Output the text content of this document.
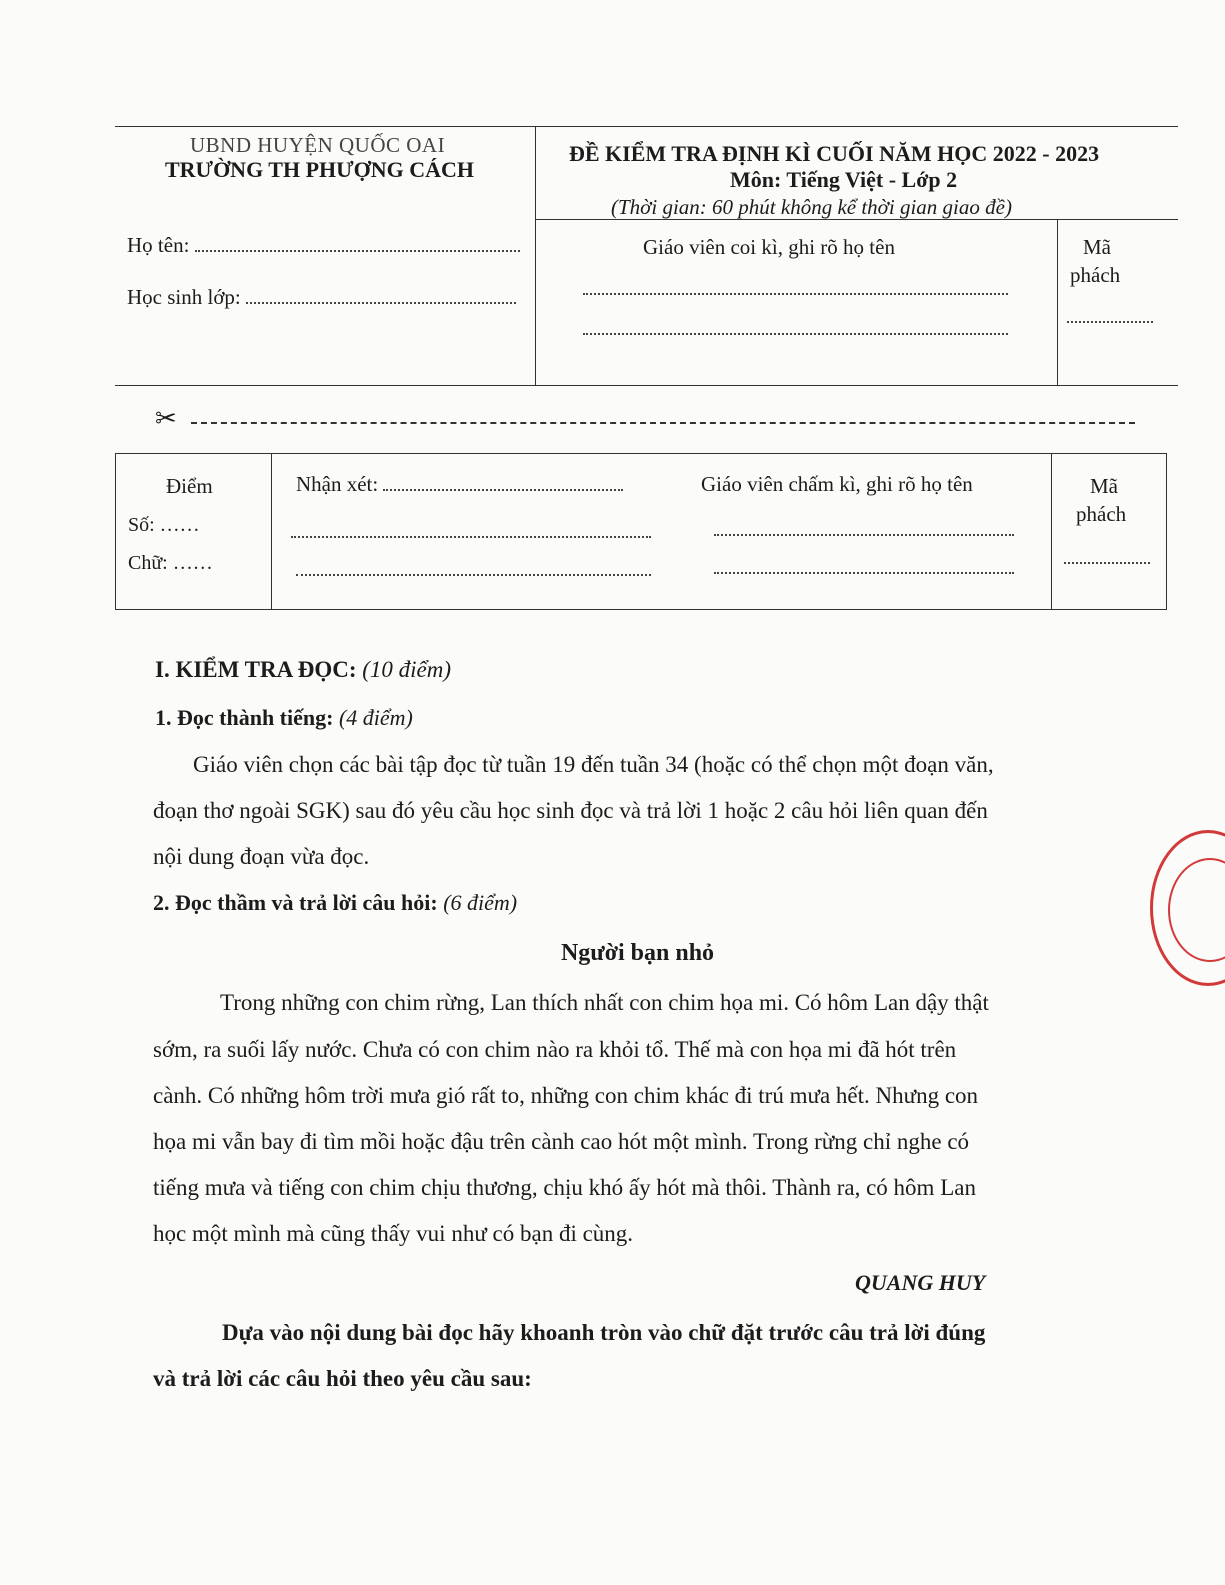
UBND HUYỆN QUỐC OAI
TRƯỜNG TH PHƯỢNG CÁCH
ĐỀ KIỂM TRA ĐỊNH KÌ CUỐI NĂM HỌC 2022 - 2023
Môn: Tiếng Việt - Lớp 2
(Thời gian: 60 phút không kể thời gian giao đề)
Họ tên:
Học sinh lớp:
Giáo viên coi kì, ghi rõ họ tên	Mã
phách
✂
Điểm
Số: ……
Chữ: ……
Nhận xét:	Giáo viên chấm kì, ghi rõ họ tên	Mã
phách
I. KIỂM TRA ĐỌC: (10 điểm)
1. Đọc thành tiếng: (4 điểm)
Giáo viên chọn các bài tập đọc từ tuần 19 đến tuần 34 (hoặc có thể chọn một đoạn văn,
đoạn thơ ngoài SGK) sau đó yêu cầu học sinh đọc và trả lời 1 hoặc 2 câu hỏi liên quan đến
nội dung đoạn vừa đọc.
2. Đọc thầm và trả lời câu hỏi: (6 điểm)
Người bạn nhỏ
Trong những con chim rừng, Lan thích nhất con chim họa mi. Có hôm Lan dậy thật
sớm, ra suối lấy nước. Chưa có con chim nào ra khỏi tổ. Thế mà con họa mi đã hót trên
cành. Có những hôm trời mưa gió rất to, những con chim khác đi trú mưa hết. Nhưng con
họa mi vẫn bay đi tìm mồi hoặc đậu trên cành cao hót một mình. Trong rừng chỉ nghe có
tiếng mưa và tiếng con chim chịu thương, chịu khó ấy hót mà thôi. Thành ra, có hôm Lan
học một mình mà cũng thấy vui như có bạn đi cùng.
QUANG HUY
Dựa vào nội dung bài đọc hãy khoanh tròn vào chữ đặt trước câu trả lời đúng
và trả lời các câu hỏi theo yêu cầu sau:
